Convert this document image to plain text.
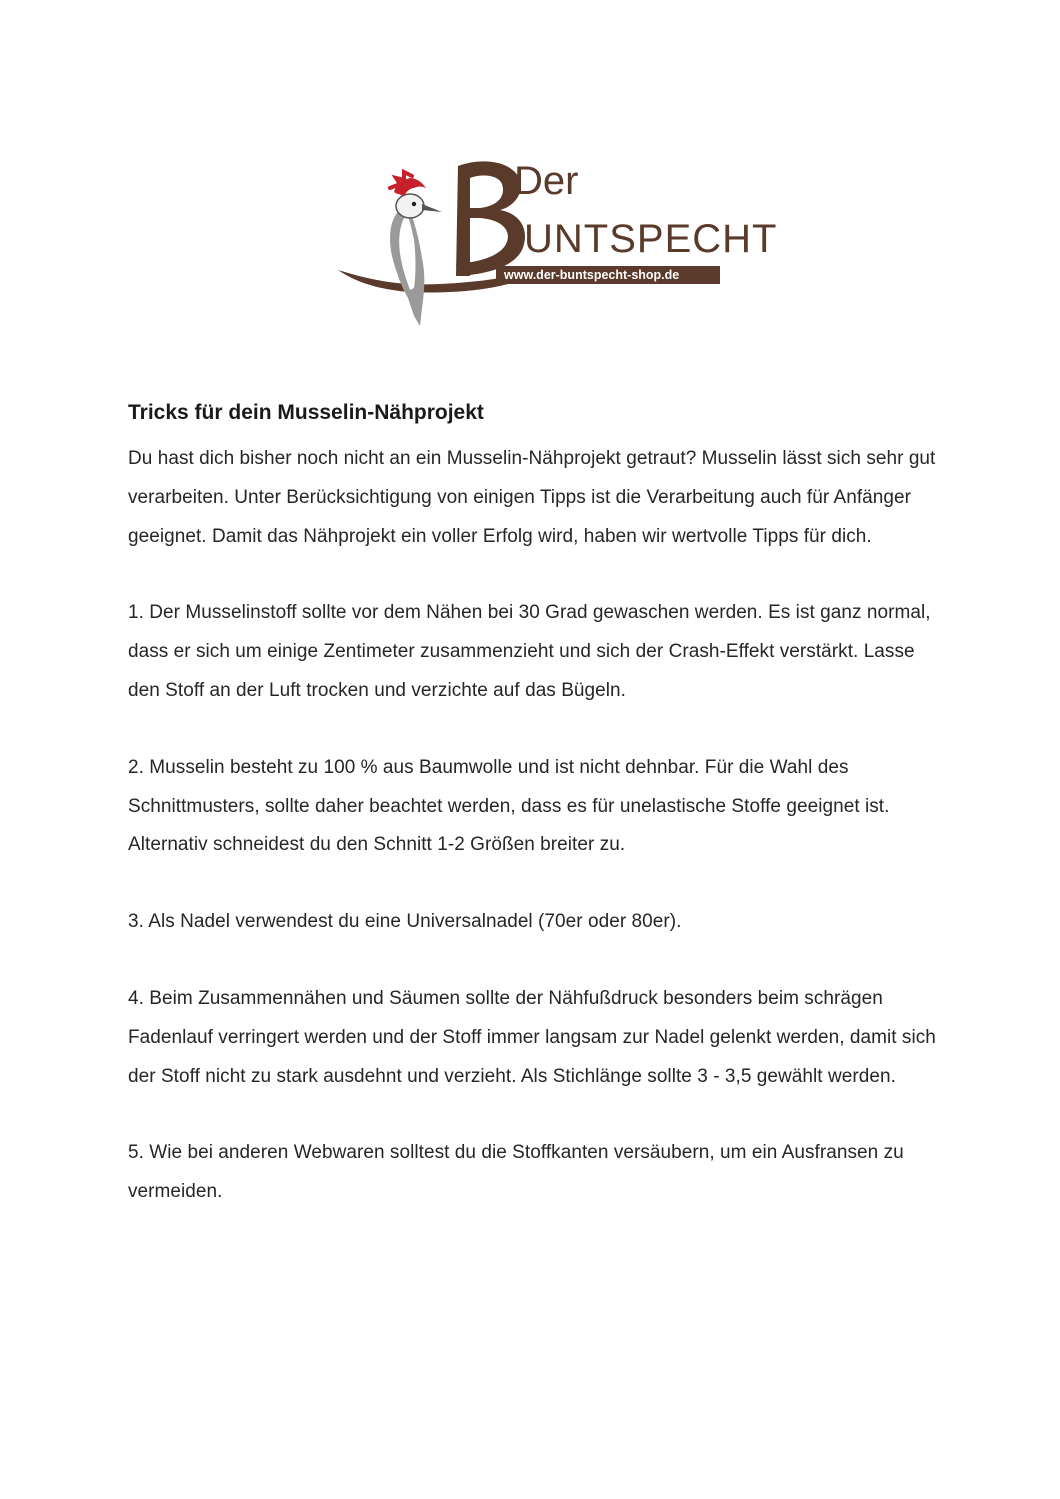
www.der-buntspecht-shop.de
Der
UNTSPECHT
Tricks für dein Musselin-Nähprojekt

Du hast dich bisher noch nicht an ein Musselin-Nähprojekt getraut? Musselin lässt sich sehr gut verarbeiten. Unter Berücksichtigung von einigen Tipps ist die Verarbeitung auch für Anfänger geeignet. Damit das Nähprojekt ein voller Erfolg wird, haben wir wertvolle Tipps für dich.

1. Der Musselinstoff sollte vor dem Nähen bei 30 Grad gewaschen werden. Es ist ganz normal, dass er sich um einige Zentimeter zusammenzieht und sich der Crash-Effekt verstärkt. Lasse den Stoff an der Luft trocken und verzichte auf das Bügeln.

2. Musselin besteht zu 100 % aus Baumwolle und ist nicht dehnbar. Für die Wahl des Schnittmusters, sollte daher beachtet werden, dass es für unelastische Stoffe geeignet ist. Alternativ schneidest du den Schnitt 1-2 Größen breiter zu.

3. Als Nadel verwendest du eine Universalnadel (70er oder 80er).

4. Beim Zusammennähen und Säumen sollte der Nähfußdruck besonders beim schrägen Fadenlauf verringert werden und der Stoff immer langsam zur Nadel gelenkt werden, damit sich der Stoff nicht zu stark ausdehnt und verzieht. Als Stichlänge sollte 3 - 3,5 gewählt werden.

5. Wie bei anderen Webwaren solltest du die Stoffkanten versäubern, um ein Ausfransen zu vermeiden.
